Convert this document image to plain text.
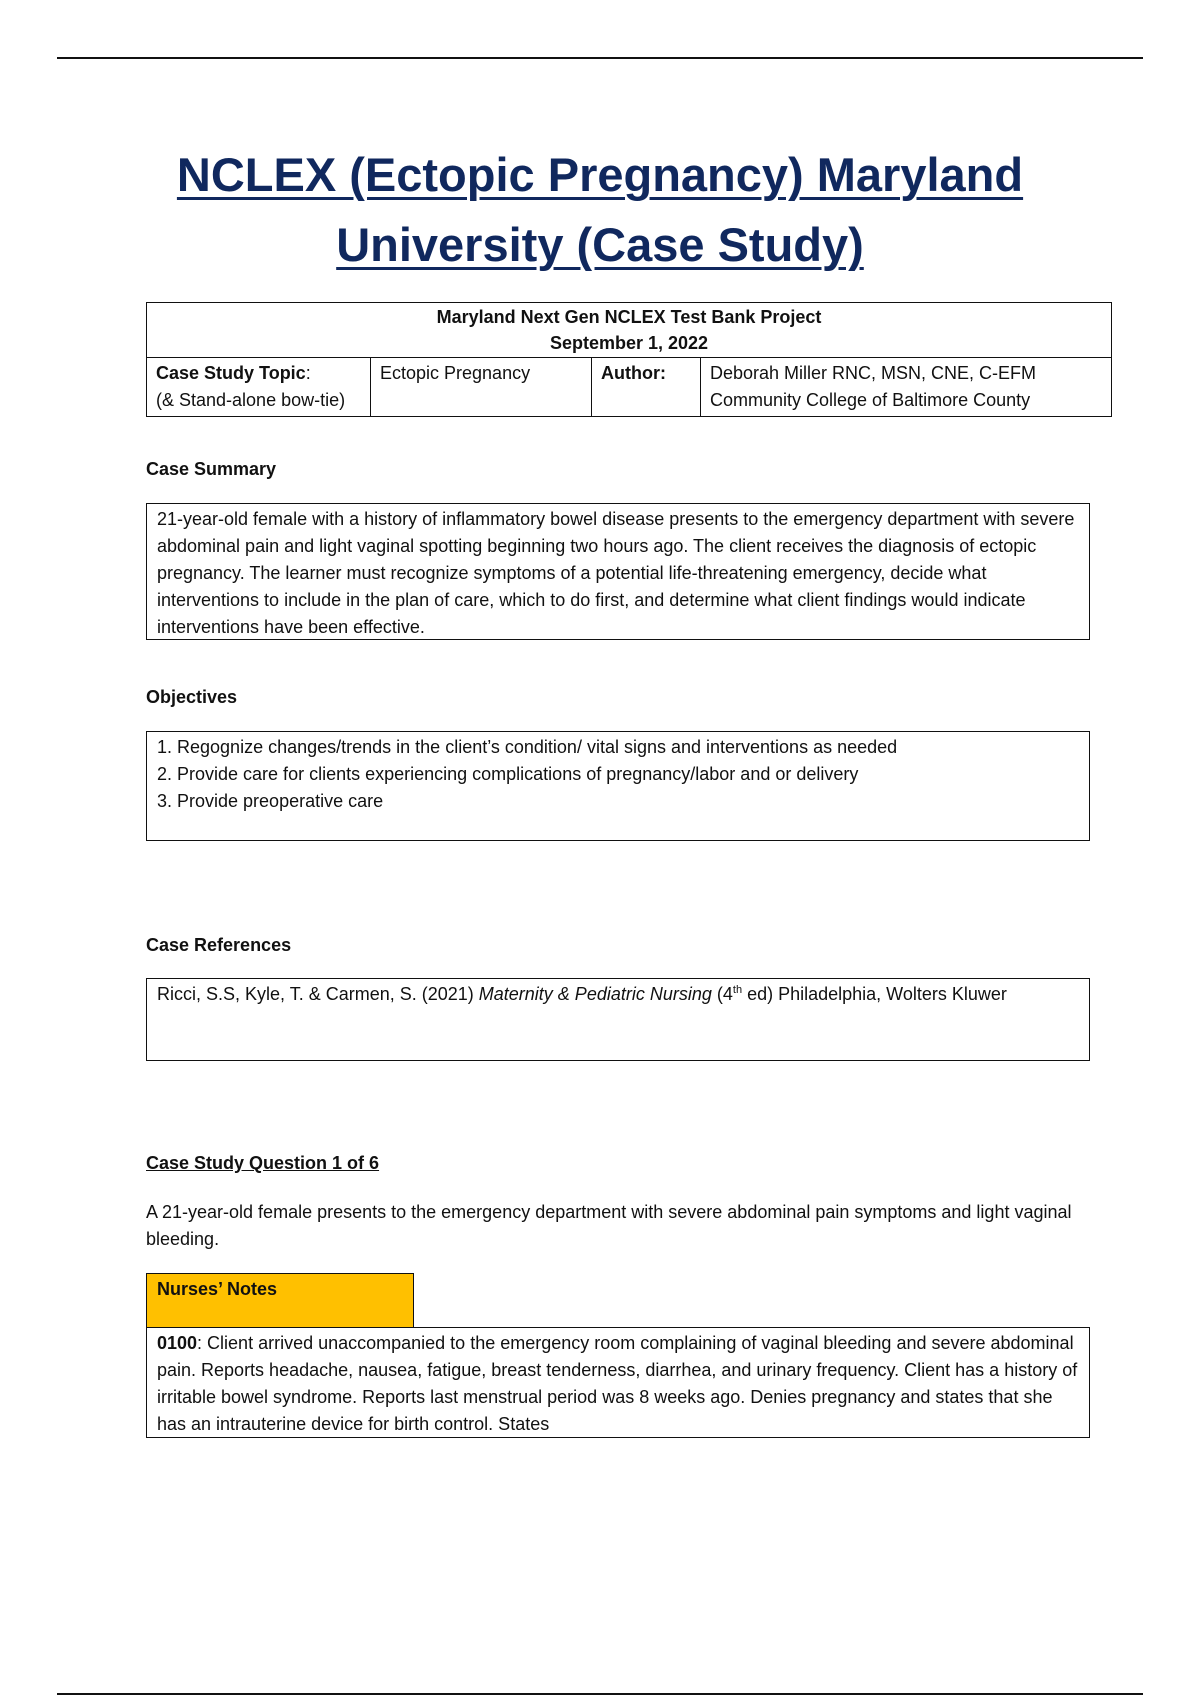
NCLEX (Ectopic Pregnancy) Maryland
University (Case Study)
Maryland Next Gen NCLEX Test Bank Project
September 1, 2022
Case Study Topic:
(& Stand-alone bow-tie)	Ectopic Pregnancy	Author:	Deborah Miller RNC, MSN, CNE, C-EFM
Community College of Baltimore County
Case Summary

21-year-old female with a history of inflammatory bowel disease presents to the emergency department with severe abdominal pain and light vaginal spotting beginning two hours ago. The client receives the diagnosis of ectopic pregnancy. The learner must recognize symptoms of a potential life-threatening emergency, decide what interventions to include in the plan of care, which to do first, and determine what client findings would indicate interventions have been effective.

Objectives

1. Regognize changes/trends in the client’s condition/ vital signs and interventions as needed

2. Provide care for clients experiencing complications of pregnancy/labor and or delivery

3. Provide preoperative care

Case References

Ricci, S.S, Kyle, T. & Carmen, S. (2021) Maternity & Pediatric Nursing (4th ed) Philadelphia, Wolters Kluwer

Case Study Question 1 of 6
A 21-year-old female presents to the emergency department with severe abdominal pain symptoms and light vaginal bleeding.
Nurses’ Notes

0100: Client arrived unaccompanied to the emergency room complaining of vaginal bleeding and severe abdominal pain. Reports headache, nausea, fatigue, breast tenderness, diarrhea, and urinary frequency. Client has a history of irritable bowel syndrome. Reports last menstrual period was 8 weeks ago. Denies pregnancy and states that she has an intrauterine device for birth control. States
